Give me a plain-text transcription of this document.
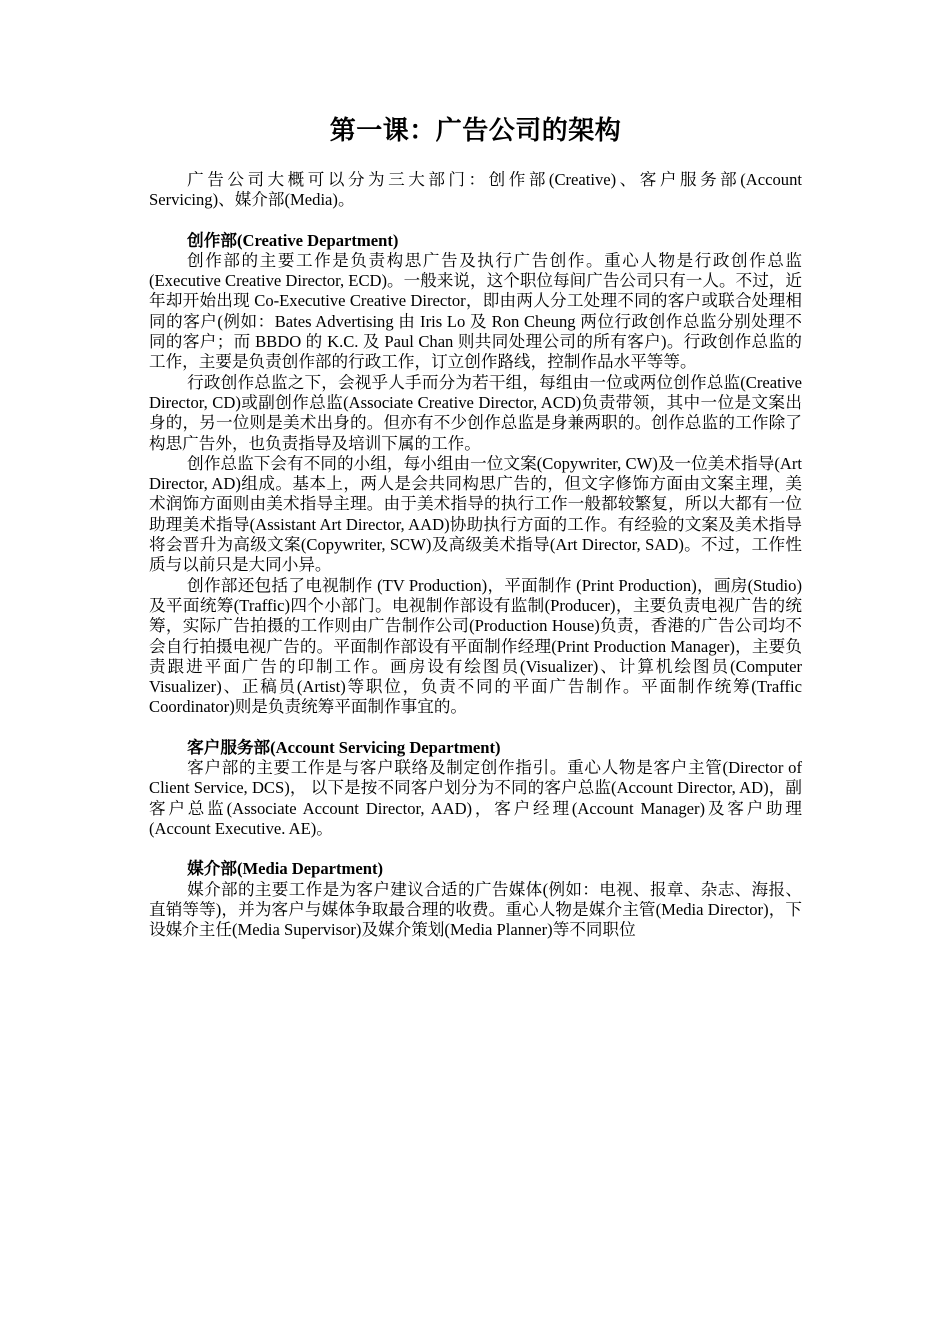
第一课：广告公司的架构

广告公司大概可以分为三大部门：创作部(Creative)、客户服务部(Account Servicing)、媒介部(Media)。

创作部(Creative Department)

创作部的主要工作是负责构思广告及执行广告创作。重心人物是行政创作总监(Executive Creative Director, ECD)。一般来说，这个职位每间广告公司只有一人。不过，近年却开始出现 Co-Executive Creative Director，即由两人分工处理不同的客户或联合处理相同的客户(例如：Bates Advertising 由 Iris Lo 及 Ron Cheung 两位行政创作总监分别处理不同的客户；而 BBDO 的 K.C. 及 Paul Chan 则共同处理公司的所有客户)。行政创作总监的工作，主要是负责创作部的行政工作，订立创作路线，控制作品水平等等。

行政创作总监之下，会视乎人手而分为若干组，每组由一位或两位创作总监(Creative Director, CD)或副创作总监(Associate Creative Director, ACD)负责带领，其中一位是文案出身的，另一位则是美术出身的。但亦有不少创作总监是身兼两职的。创作总监的工作除了构思广告外，也负责指导及培训下属的工作。

创作总监下会有不同的小组，每小组由一位文案(Copywriter, CW)及一位美术指导(Art Director, AD)组成。基本上，两人是会共同构思广告的，但文字修饰方面由文案主理，美术润饰方面则由美术指导主理。由于美术指导的执行工作一般都较繁复，所以大都有一位助理美术指导(Assistant Art Director, AAD)协助执行方面的工作。有经验的文案及美术指导将会晋升为高级文案(Copywriter, SCW)及高级美术指导(Art Director, SAD)。不过，工作性质与以前只是大同小异。

创作部还包括了电视制作 (TV Production)，平面制作 (Print Production)，画房(Studio)及平面统筹(Traffic)四个小部门。电视制作部设有监制(Producer)，主要负责电视广告的统筹，实际广告拍摄的工作则由广告制作公司(Production House)负责，香港的广告公司均不会自行拍摄电视广告的。平面制作部设有平面制作经理(Print Production Manager)，主要负责跟进平面广告的印制工作。画房设有绘图员(Visualizer)、计算机绘图员(Computer Visualizer)、正稿员(Artist)等职位，负责不同的平面广告制作。平面制作统筹(Traffic Coordinator)则是负责统筹平面制作事宜的。

客户服务部(Account Servicing Department)

客户部的主要工作是与客户联络及制定创作指引。重心人物是客户主管(Director of Client Service, DCS)， 以下是按不同客户划分为不同的客户总监(Account Director, AD)，副客户总监(Associate Account Director, AAD)，客户经理(Account Manager)及客户助理(Account Executive. AE)。

媒介部(Media Department)

媒介部的主要工作是为客户建议合适的广告媒体(例如：电视、报章、杂志、海报、直销等等)，并为客户与媒体争取最合理的收费。重心人物是媒介主管(Media Director)，下设媒介主任(Media Supervisor)及媒介策划(Media Planner)等不同职位
